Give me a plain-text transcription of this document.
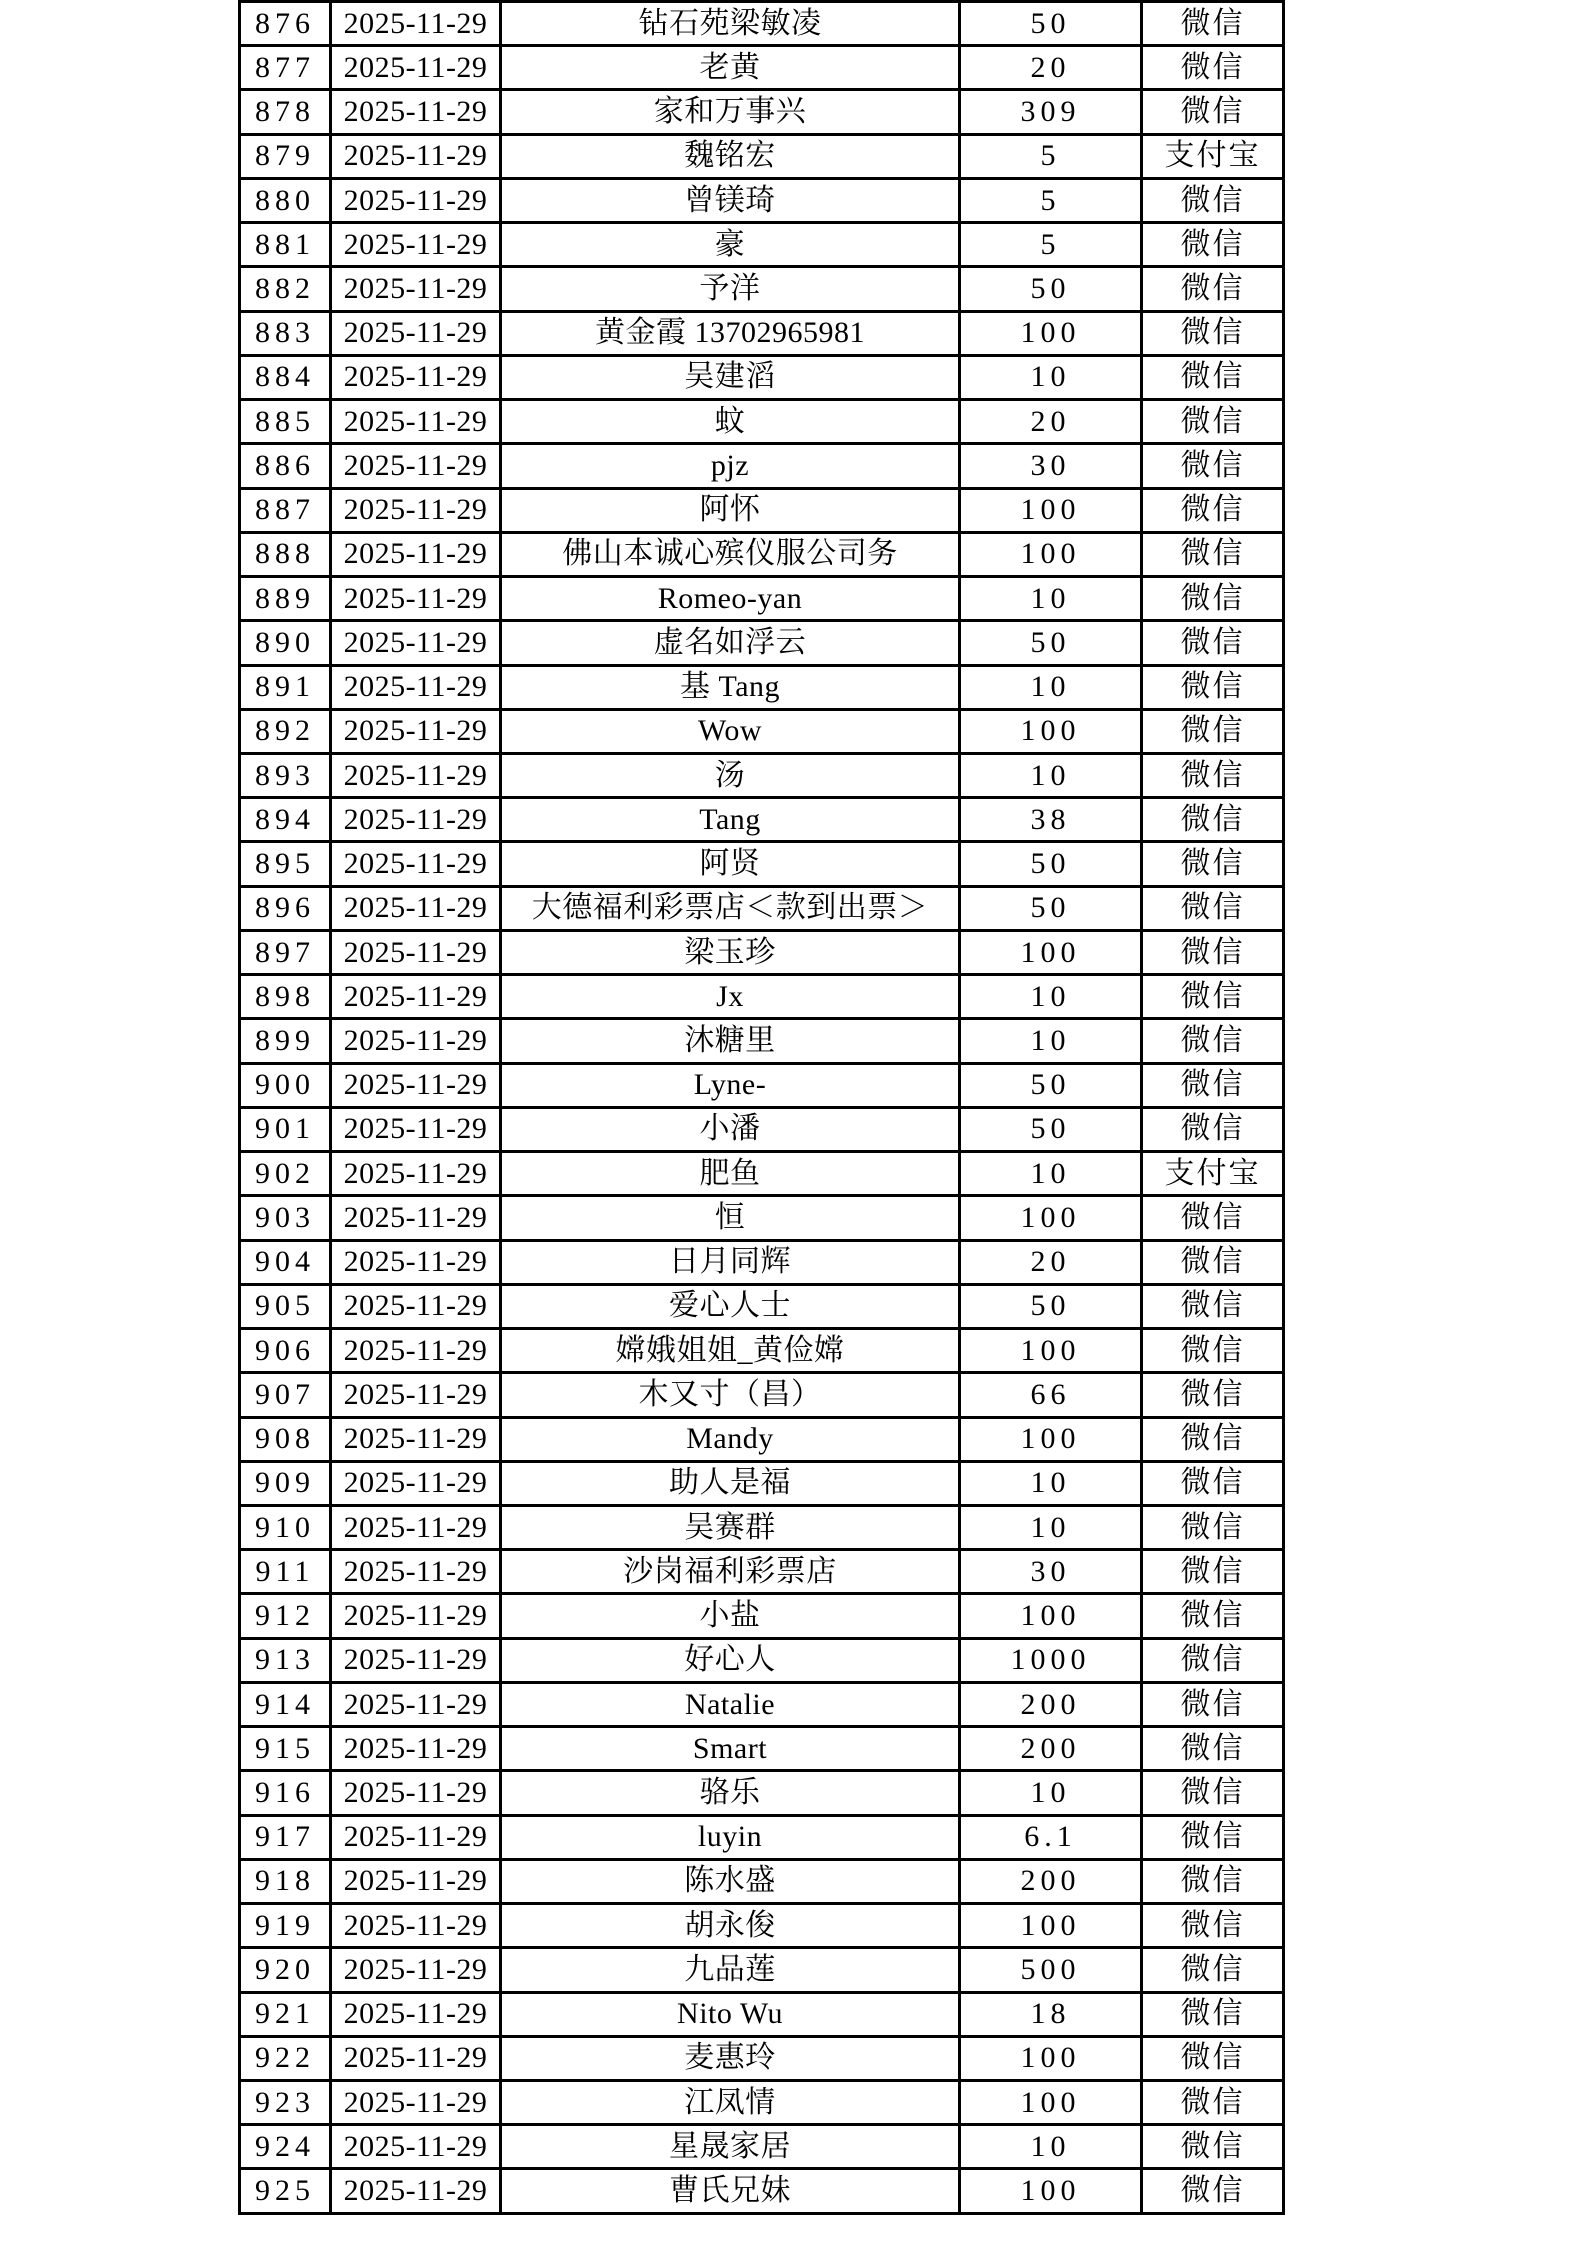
876	2025-11-29	钻石苑梁敏凌	50	微信
877	2025-11-29	老黄	20	微信
878	2025-11-29	家和万事兴	309	微信
879	2025-11-29	魏铭宏	5	支付宝
880	2025-11-29	曾镁琦	5	微信
881	2025-11-29	豪	5	微信
882	2025-11-29	予洋	50	微信
883	2025-11-29	黄金霞 13702965981	100	微信
884	2025-11-29	吴建滔	10	微信
885	2025-11-29	蚊	20	微信
886	2025-11-29	pjz	30	微信
887	2025-11-29	阿怀	100	微信
888	2025-11-29	佛山本诚心殡仪服公司务	100	微信
889	2025-11-29	Romeo-yan	10	微信
890	2025-11-29	虚名如浮云	50	微信
891	2025-11-29	基 Tang	10	微信
892	2025-11-29	Wow	100	微信
893	2025-11-29	汤	10	微信
894	2025-11-29	Tang	38	微信
895	2025-11-29	阿贤	50	微信
896	2025-11-29	大德福利彩票店＜款到出票＞	50	微信
897	2025-11-29	梁玉珍	100	微信
898	2025-11-29	Jx	10	微信
899	2025-11-29	沐糖里	10	微信
900	2025-11-29	Lyne-	50	微信
901	2025-11-29	小潘	50	微信
902	2025-11-29	肥鱼	10	支付宝
903	2025-11-29	恒	100	微信
904	2025-11-29	日月同辉	20	微信
905	2025-11-29	爱心人士	50	微信
906	2025-11-29	嫦娥姐姐_黄俭嫦	100	微信
907	2025-11-29	木又寸（昌）	66	微信
908	2025-11-29	Mandy	100	微信
909	2025-11-29	助人是福	10	微信
910	2025-11-29	吴赛群	10	微信
911	2025-11-29	沙岗福利彩票店	30	微信
912	2025-11-29	小盐	100	微信
913	2025-11-29	好心人	1000	微信
914	2025-11-29	Natalie	200	微信
915	2025-11-29	Smart	200	微信
916	2025-11-29	骆乐	10	微信
917	2025-11-29	luyin	6.1	微信
918	2025-11-29	陈水盛	200	微信
919	2025-11-29	胡永俊	100	微信
920	2025-11-29	九品莲	500	微信
921	2025-11-29	Nito Wu	18	微信
922	2025-11-29	麦惠玲	100	微信
923	2025-11-29	江凤情	100	微信
924	2025-11-29	星晟家居	10	微信
925	2025-11-29	曹氏兄妹	100	微信
